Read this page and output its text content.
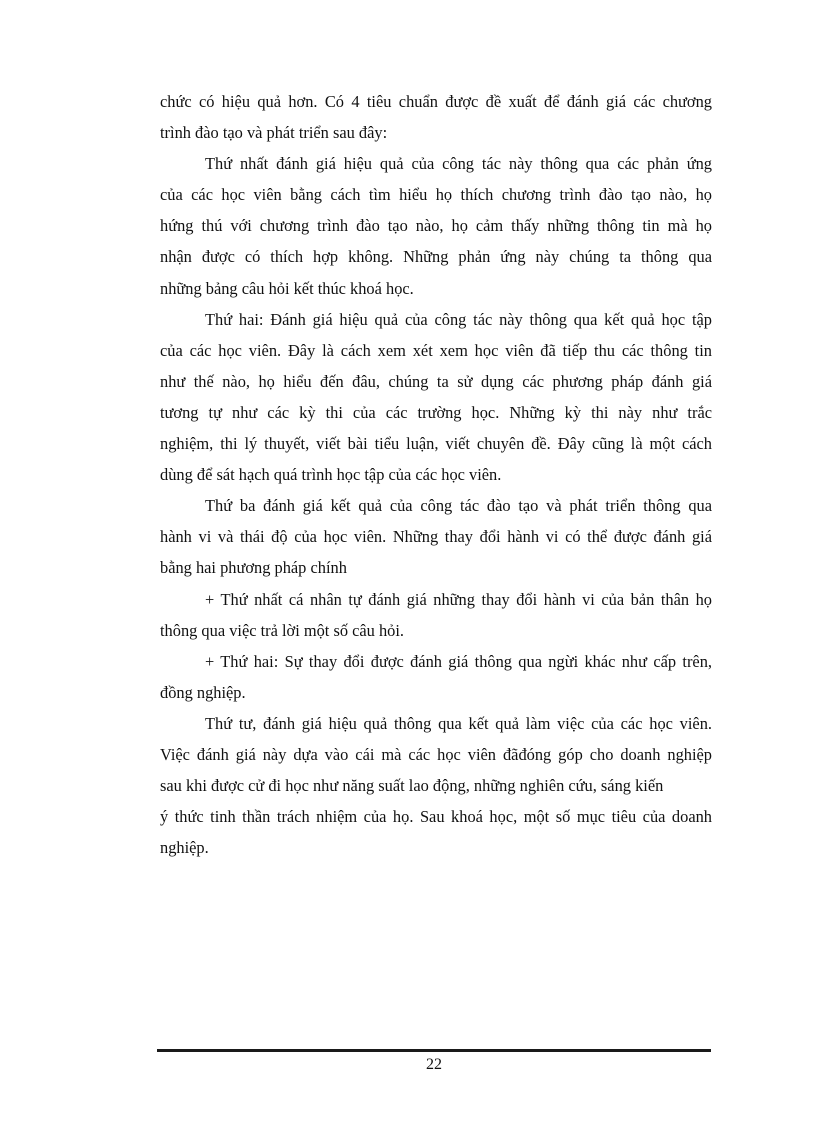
chức có hiệu quả hơn. Có 4 tiêu chuẩn được đề xuất để đánh giá các chương
trình đào tạo và phát triển sau đây:
Thứ nhất đánh giá hiệu quả của công tác này thông qua các phản ứng
của các học viên bằng cách tìm hiểu họ thích chương trình đào tạo nào, họ
hứng thú với chương trình đào tạo nào, họ cảm thấy những thông tin mà họ
nhận được có thích hợp không. Những phản ứng này chúng ta thông qua
những bảng câu hỏi kết thúc khoá học.
Thứ hai: Đánh giá hiệu quả của công tác này thông qua kết quả học tập
của các học viên. Đây là cách xem xét xem học viên đã tiếp thu các thông tin
như thế nào, họ hiểu đến đâu, chúng ta sử dụng các phương pháp đánh giá
tương tự như các kỳ thi của các trường học. Những kỳ thi này như trắc
nghiệm, thi lý thuyết, viết bài tiểu luận, viết chuyên đề. Đây cũng là một cách
dùng để sát hạch quá trình học tập của các học viên.
Thứ ba đánh giá kết quả của công tác đào tạo và phát triển thông qua
hành vi và thái độ của học viên. Những thay đổi hành vi có thể được đánh giá
bằng hai phương pháp chính
+ Thứ nhất cá nhân tự đánh giá những thay đổi hành vi của bản thân họ
thông qua việc trả lời một số câu hỏi.
+ Thứ hai: Sự thay đổi được đánh giá thông qua ngừi khác như cấp trên,
đồng nghiệp.
Thứ tư, đánh giá hiệu quả thông qua kết quả làm việc của các học viên.
Việc đánh giá này dựa vào cái mà các học viên đãđóng góp cho doanh nghiệp
sau khi được cử đi học như năng suất lao động, những nghiên cứu, sáng kiến
ý thức tinh thần trách nhiệm của họ. Sau khoá học, một số mục tiêu của doanh
nghiệp.
22
